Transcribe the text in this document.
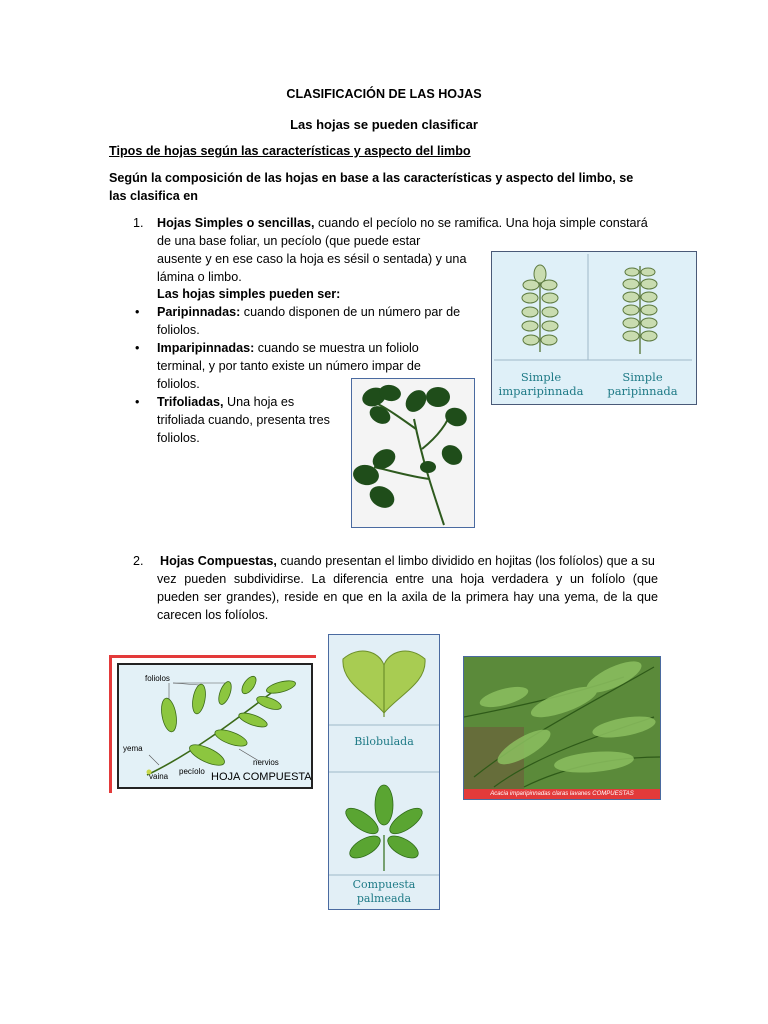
CLASIFICACIÓN DE LAS HOJAS
Las hojas se pueden clasificar
Tipos de hojas según las características y aspecto del limbo
Según la composición de las hojas en base a las características y aspecto del limbo, se las clasifica en
1. Hojas Simples o sencillas, cuando el pecíolo no se ramifica. Una hoja simple constará
de una base foliar, un pecíolo (que puede estar
ausente y en ese caso la hoja es sésil o sentada) y una
lámina o limbo.
Las hojas simples pueden ser:
• Paripinnadas: cuando disponen de un número par de
foliolos.
• Imparipinnadas: cuando se muestra un foliolo
terminal, y por tanto existe un número impar de
foliolos.
• Trifoliadas, Una hoja es
trifoliada cuando, presenta tres
foliolos.
Simple
imparipinnada
Simple
paripinnada
2. Hojas Compuestas, cuando presentan el limbo dividido en hojitas (los folíolos) que a su
vez pueden subdividirse. La diferencia entre una hoja verdadera y un folíolo (que
pueden ser grandes), reside en que en la axila de la primera hay una yema, de la que
carecen los folíolos.
foliolos
yema
vaina
pecíolo
nervios
HOJA COMPUESTA
Bilobulada
Compuesta
palmeada
Acacia imparipinnadas claras lavanes COMPUESTAS
